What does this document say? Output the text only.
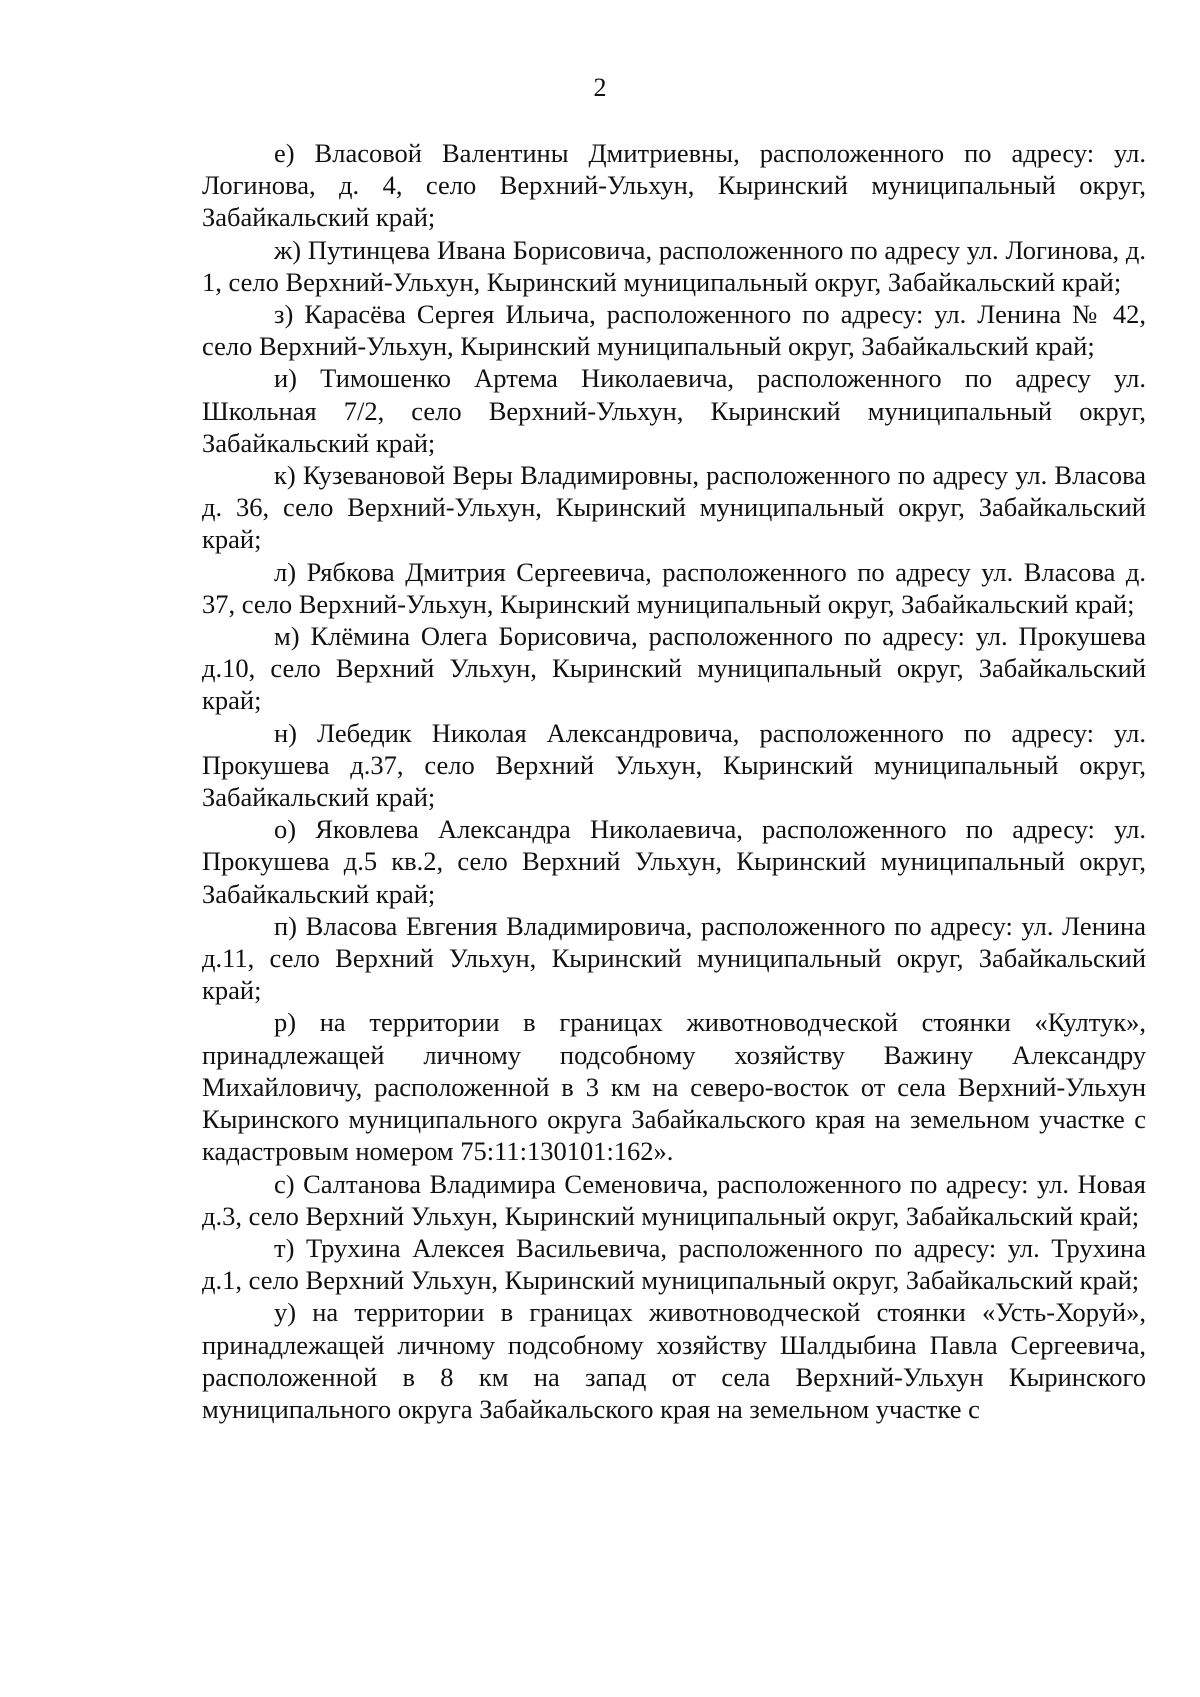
2

е) Власовой Валентины Дмитриевны, расположенного по адресу: ул. Логинова, д. 4, село Верхний-Ульхун, Кыринский муниципальный округ, Забайкальский край;

ж) Путинцева Ивана Борисовича, расположенного по адресу ул. Логинова, д. 1, село Верхний-Ульхун, Кыринский муниципальный округ, Забайкальский край;

з) Карасёва Сергея Ильича, расположенного по адресу: ул. Ленина № 42, село Верхний-Ульхун, Кыринский муниципальный округ, Забайкальский край;

и) Тимошенко Артема Николаевича, расположенного по адресу ул. Школьная 7/2, село Верхний-Ульхун, Кыринский муниципальный округ, Забайкальский край;

к) Кузевановой Веры Владимировны, расположенного по адресу ул. Власова д. 36, село Верхний-Ульхун, Кыринский муниципальный округ, Забайкальский край;

л) Рябкова Дмитрия Сергеевича, расположенного по адресу ул. Власова д. 37, село Верхний-Ульхун, Кыринский муниципальный округ, Забайкальский край;

м) Клёмина Олега Борисовича, расположенного по адресу: ул. Прокушева д.10, село Верхний Ульхун, Кыринский муниципальный округ, Забайкальский край;

н) Лебедик Николая Александровича, расположенного по адресу: ул. Прокушева д.37, село Верхний Ульхун, Кыринский муниципальный округ, Забайкальский край;

о) Яковлева Александра Николаевича, расположенного по адресу: ул. Прокушева д.5 кв.2, село Верхний Ульхун, Кыринский муниципальный округ, Забайкальский край;

п) Власова Евгения Владимировича, расположенного по адресу: ул. Ленина д.11, село Верхний Ульхун, Кыринский муниципальный округ, Забайкальский край;

р) на территории в границах животноводческой стоянки «Култук», принадлежащей личному подсобному хозяйству Важину Александру Михайловичу, расположенной в 3 км на северо-восток от села Верхний-Ульхун Кыринского муниципального округа Забайкальского края на земельном участке с кадастровым номером 75:11:130101:162».

с) Салтанова Владимира Семеновича, расположенного по адресу: ул. Новая д.3, село Верхний Ульхун, Кыринский муниципальный округ, Забайкальский край;

т) Трухина Алексея Васильевича, расположенного по адресу: ул. Трухина д.1, село Верхний Ульхун, Кыринский муниципальный округ, Забайкальский край;

у) на территории в границах животноводческой стоянки «Усть-Хоруй», принадлежащей личному подсобному хозяйству Шалдыбина Павла Сергеевича, расположенной в 8 км на запад от села Верхний-Ульхун Кыринского муниципального округа Забайкальского края на земельном участке с
